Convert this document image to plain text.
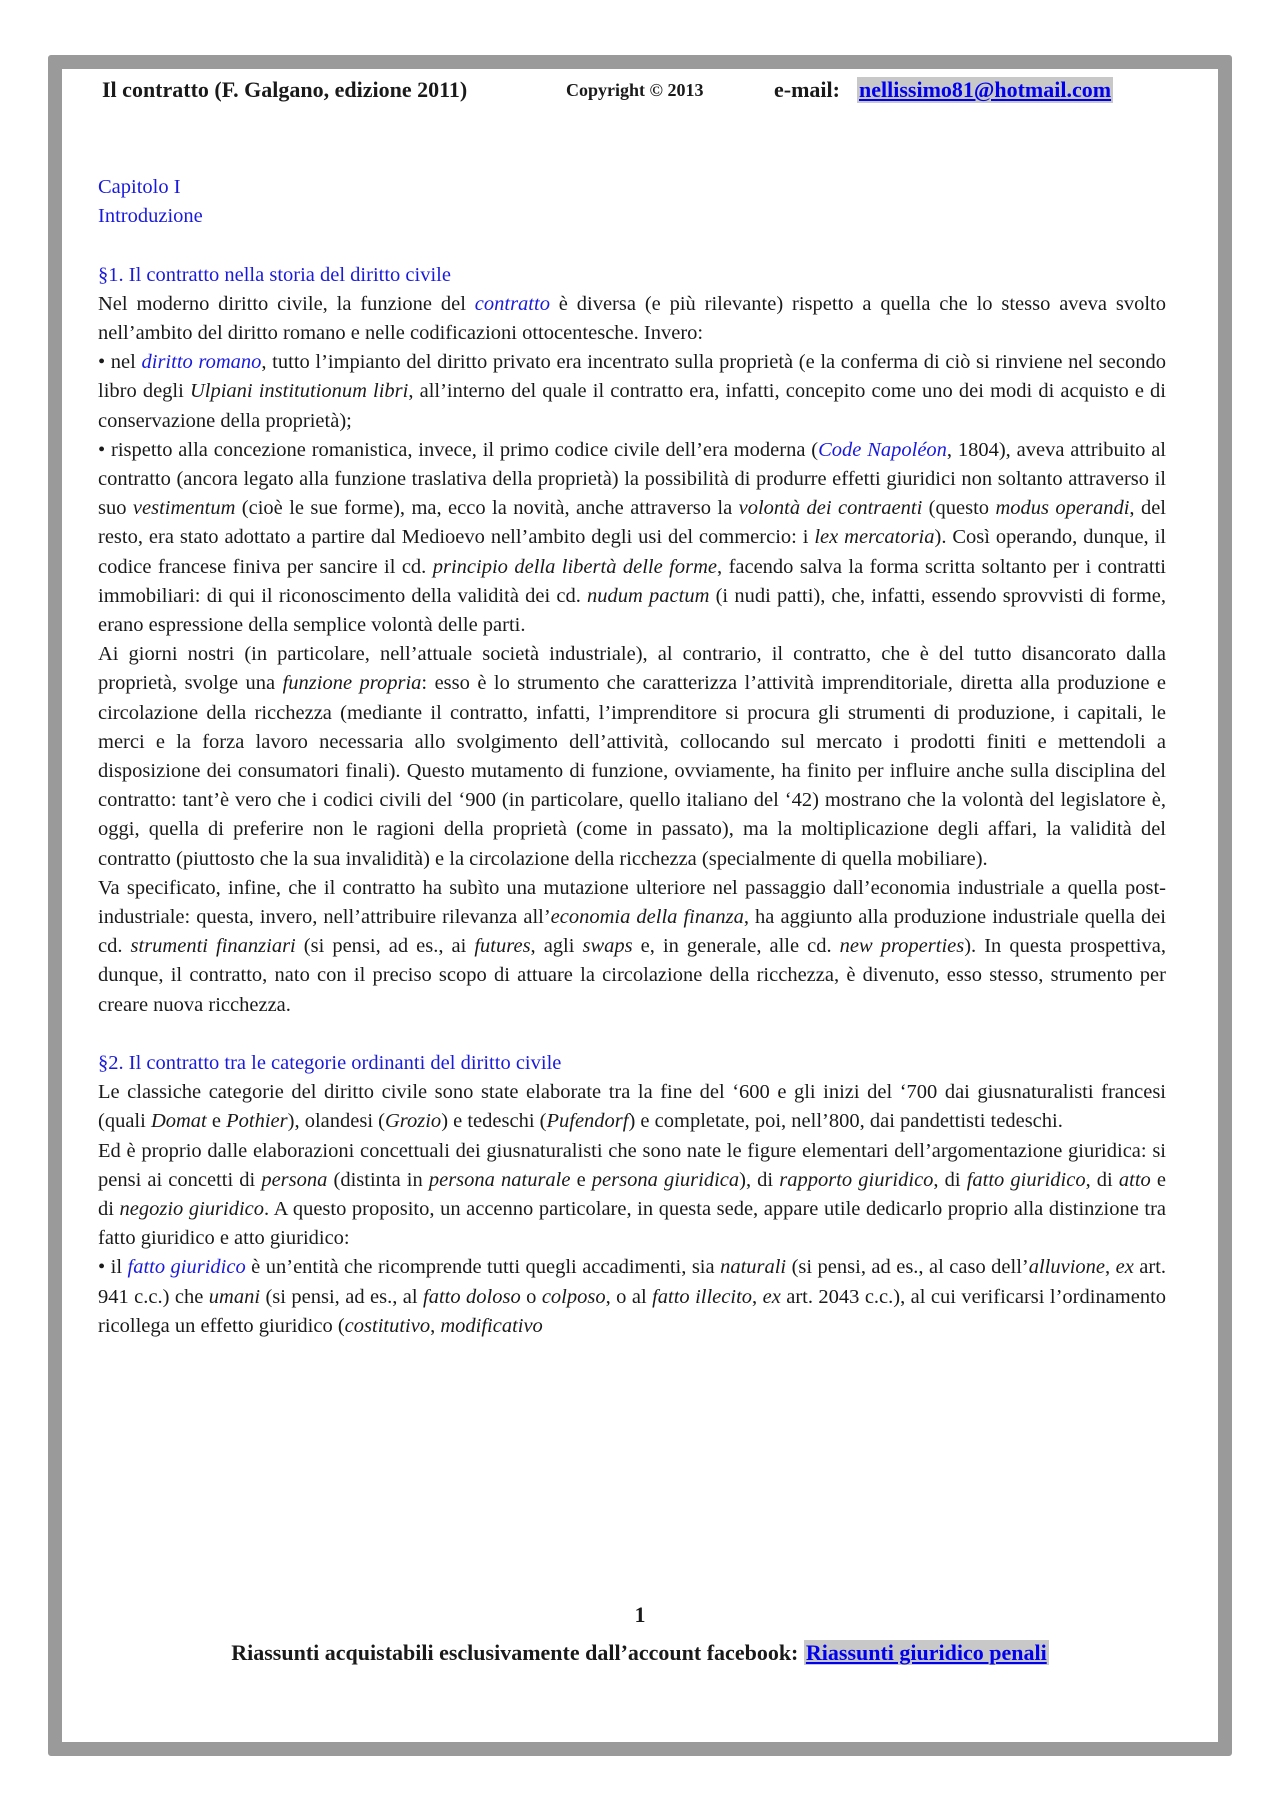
Il contratto (F. Galgano, edizione 2011)	Copyright © 2013	e-mail: nellissimo81@hotmail.com

Capitolo I

Introduzione

§1. Il contratto nella storia del diritto civile

Nel moderno diritto civile, la funzione del contratto è diversa (e più rilevante) rispetto a quella che lo stesso aveva svolto nell’ambito del diritto romano e nelle codificazioni ottocentesche. Invero:

• nel diritto romano, tutto l’impianto del diritto privato era incentrato sulla proprietà (e la conferma di ciò si rinviene nel secondo libro degli Ulpiani institutionum libri, all’interno del quale il contratto era, infatti, concepito come uno dei modi di acquisto e di conservazione della proprietà);

• rispetto alla concezione romanistica, invece, il primo codice civile dell’era moderna (Code Napoléon, 1804), aveva attribuito al contratto (ancora legato alla funzione traslativa della proprietà) la possibilità di produrre effetti giuridici non soltanto attraverso il suo vestimentum (cioè le sue forme), ma, ecco la novità, anche attraverso la volontà dei contraenti (questo modus operandi, del resto, era stato adottato a partire dal Medioevo nell’ambito degli usi del commercio: i lex mercatoria). Così operando, dunque, il codice francese finiva per sancire il cd. principio della libertà delle forme, facendo salva la forma scritta soltanto per i contratti immobiliari: di qui il riconoscimento della validità dei cd. nudum pactum (i nudi patti), che, infatti, essendo sprovvisti di forme, erano espressione della semplice volontà delle parti.

Ai giorni nostri (in particolare, nell’attuale società industriale), al contrario, il contratto, che è del tutto disancorato dalla proprietà, svolge una funzione propria: esso è lo strumento che caratterizza l’attività imprenditoriale, diretta alla produzione e circolazione della ricchezza (mediante il contratto, infatti, l’imprenditore si procura gli strumenti di produzione, i capitali, le merci e la forza lavoro necessaria allo svolgimento dell’attività, collocando sul mercato i prodotti finiti e mettendoli a disposizione dei consumatori finali). Questo mutamento di funzione, ovviamente, ha finito per influire anche sulla disciplina del contratto: tant’è vero che i codici civili del ‘900 (in particolare, quello italiano del ‘42) mostrano che la volontà del legislatore è, oggi, quella di preferire non le ragioni della proprietà (come in passato), ma la moltiplicazione degli affari, la validità del contratto (piuttosto che la sua invalidità) e la circolazione della ricchezza (specialmente di quella mobiliare).

Va specificato, infine, che il contratto ha subìto una mutazione ulteriore nel passaggio dall’economia industriale a quella post-industriale: questa, invero, nell’attribuire rilevanza all’economia della finanza, ha aggiunto alla produzione industriale quella dei cd. strumenti finanziari (si pensi, ad es., ai futures, agli swaps e, in generale, alle cd. new properties). In questa prospettiva, dunque, il contratto, nato con il preciso scopo di attuare la circolazione della ricchezza, è divenuto, esso stesso, strumento per creare nuova ricchezza.

§2. Il contratto tra le categorie ordinanti del diritto civile

Le classiche categorie del diritto civile sono state elaborate tra la fine del ‘600 e gli inizi del ‘700 dai giusnaturalisti francesi (quali Domat e Pothier), olandesi (Grozio) e tedeschi (Pufendorf) e completate, poi, nell’800, dai pandettisti tedeschi.

Ed è proprio dalle elaborazioni concettuali dei giusnaturalisti che sono nate le figure elementari dell’argomentazione giuridica: si pensi ai concetti di persona (distinta in persona naturale e persona giuridica), di rapporto giuridico, di fatto giuridico, di atto e di negozio giuridico. A questo proposito, un accenno particolare, in questa sede, appare utile dedicarlo proprio alla distinzione tra fatto giuridico e atto giuridico:

• il fatto giuridico è un’entità che ricomprende tutti quegli accadimenti, sia naturali (si pensi, ad es., al caso dell’alluvione, ex art. 941 c.c.) che umani (si pensi, ad es., al fatto doloso o colposo, o al fatto illecito, ex art. 2043 c.c.), al cui verificarsi l’ordinamento ricollega un effetto giuridico (costitutivo, modificativo

1
Riassunti acquistabili esclusivamente dall’account facebook: Riassunti giuridico penali
